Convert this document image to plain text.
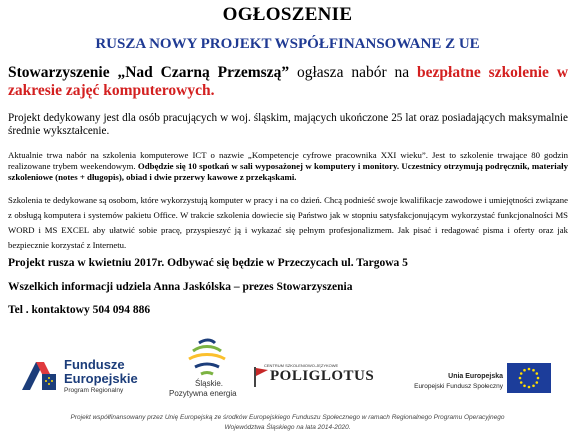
OGŁOSZENIE
RUSZA NOWY PROJEKT WSPÓŁFINANSOWANE Z UE
Stowarzyszenie „Nad Czarną Przemszą” ogłasza nabór na bezpłatne szkolenie w zakresie zajęć komputerowych.
Projekt dedykowany jest dla osób pracujących w woj. śląskim, mających ukończone 25 lat oraz posiadających maksymalnie średnie wykształcenie.
Aktualnie trwa nabór na szkolenia komputerowe ICT o nazwie „Kompetencje cyfrowe pracownika XXI wieku”. Jest to szkolenie trwające 80 godzin realizowane trybem weekendowym. Odbędzie się 10 spotkań w sali wyposażonej w komputery i monitory. Uczestnicy otrzymują podręcznik, materiały szkoleniowe (notes + długopis), obiad i dwie przerwy kawowe z przekąskami.
Szkolenia te dedykowane są osobom, które wykorzystują komputer w pracy i na co dzień. Chcą podnieść swoje kwalifikacje zawodowe i umiejętności związane z obsługą komputera i systemów pakietu Office. W trakcie szkolenia dowiecie się Państwo jak w stopniu satysfakcjonującym wykorzystać funkcjonalności MS WORD i MS EXCEL aby ułatwić sobie pracę, przyspieszyć ją i wykazać się pełnym profesjonalizmem. Jak pisać i redagować pisma i oferty oraz jak bezpiecznie korzystać z Internetu.
Projekt rusza w kwietniu 2017r. Odbywać się będzie w Przeczycach ul. Targowa 5
Wszelkich informacji udziela Anna Jaskólska – prezes Stowarzyszenia
Tel . kontaktowy 504 094 886
Fundusze
Europejskie
Program Regionalny
Śląskie.
Pozytywna energia
CENTRUM SZKOLENIOWO-JĘZYKOWE
POLIGLOTUS	Unia Europejska
Europejski Fundusz Społeczny
Projekt współfinansowany przez Unię Europejską ze środków Europejskiego Funduszu Społecznego w ramach Regionalnego Programu Operacyjnego
Województwa Śląskiego na lata 2014-2020.
